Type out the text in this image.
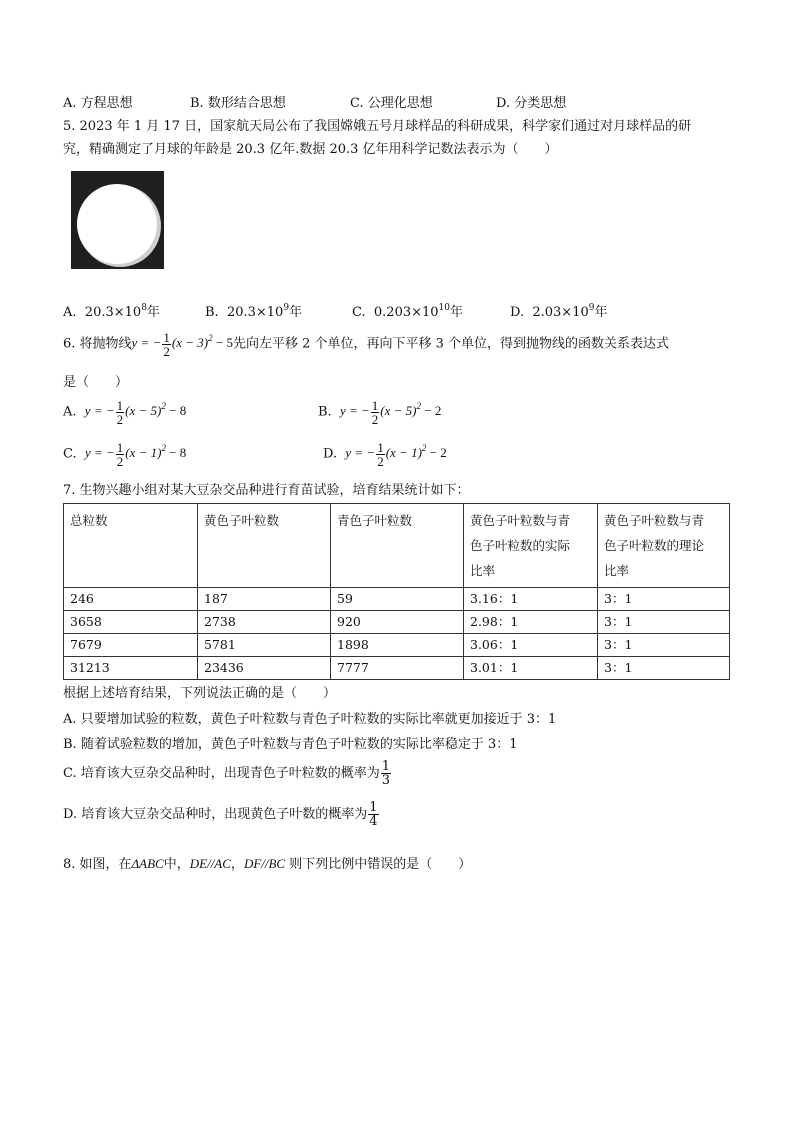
A. 方程思想	B. 数形结合思想	C. 公理化思想	D. 分类思想
5. 2023 年 1 月 17 日，国家航天局公布了我国嫦娥五号月球样品的科研成果，科学家们通过对月球样品的研
究，精确测定了月球的年龄是 20.3 亿年.数据 20.3 亿年用科学记数法表示为（　　）
A. $20.3\times 10^8$年	B. $20.3\times 10^9$年	C. $0.203\times 10^{10}$年	D. $2.03\times 10^9$年
6. 将抛物线y = − $\frac{1}{2} (x - 3)^2 - 5$先向左平移 2 个单位，再向下平移 3 个单位，得到抛物线的函数关系表达式
是（　　）
A. y = − $\frac{1}{2} (x - 5)^2 - 8$	B. y = − $\frac{1}{2} (x - 5)^2 - 2$
C. y = − $\frac{1}{2} (x - 1)^2 - 8$	D. y = − $\frac{1}{2} (x - 1)^2 - 2$
7. 生物兴趣小组对某大豆杂交品种进行育苗试验，培育结果统计如下：
总粒数	黄色子叶粒数	青色子叶粒数	黄色子叶粒数与青
色子叶粒数的实际
比率	黄色子叶粒数与青
色子叶粒数的理论
比率
246	187	59	3.16：1	3：1
3658	2738	920	2.98：1	3：1
7679	5781	1898	3.06：1	3：1
31213	23436	7777	3.01：1	3：1
根据上述培育结果，下列说法正确的是（　　）
A. 只要增加试验的粒数，黄色子叶粒数与青色子叶粒数的实际比率就更加接近于 3：1
B. 随着试验粒数的增加，黄色子叶粒数与青色子叶粒数的实际比率稳定于 3：1
C. 培育该大豆杂交品种时，出现青色子叶粒数的概率为 $\frac{1}{3}$
D. 培育该大豆杂交品种时，出现黄色子叶数的概率为 $\frac{1}{4}$
8. 如图，在ΔABC中，DE//AC，DF//BC 则下列比例中错误的是（　　）
